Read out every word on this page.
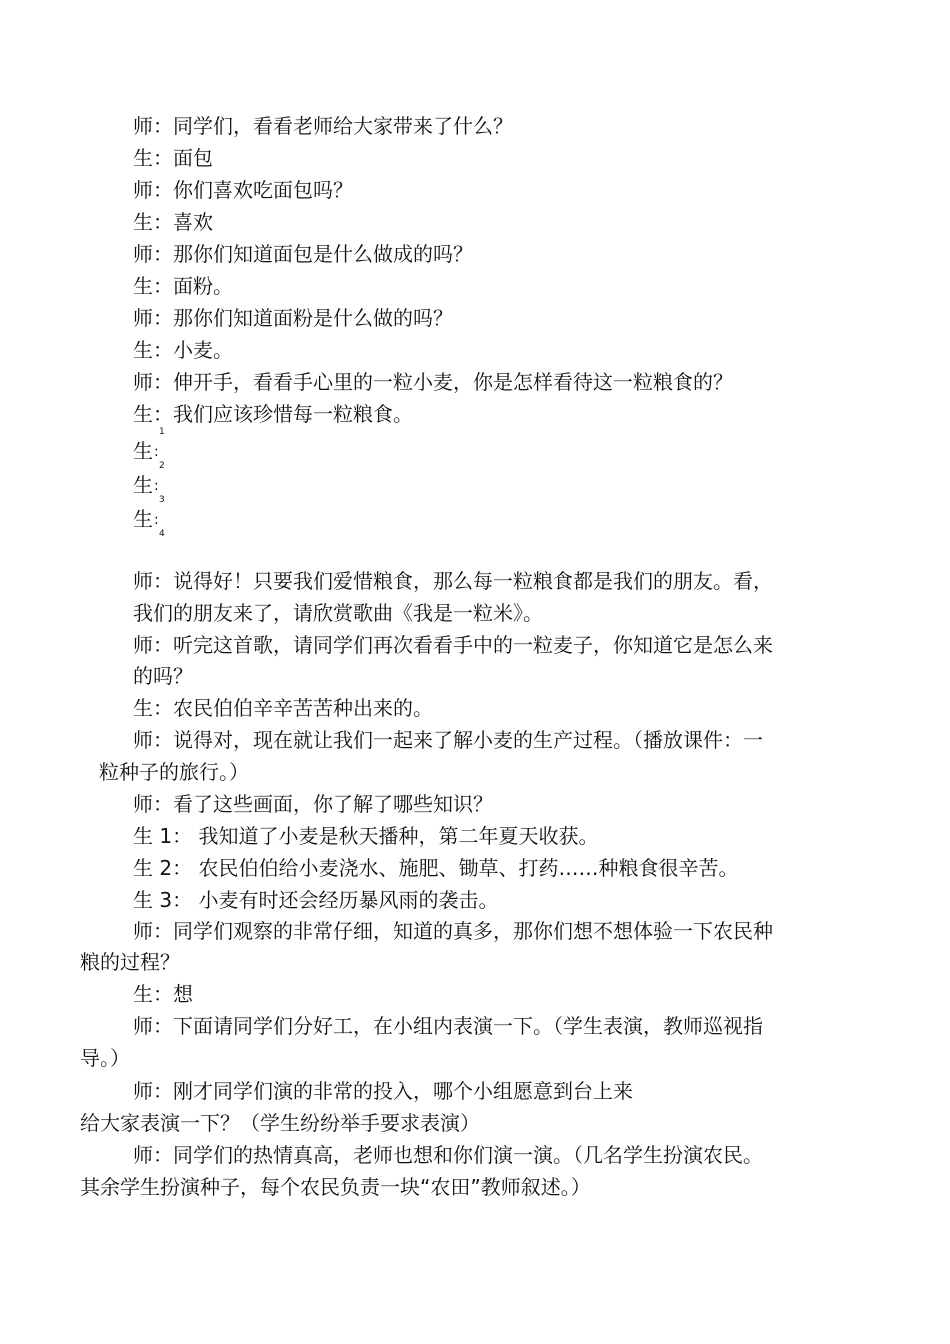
师：同学们，看看老师给大家带来了什么？
生：面包
师：你们喜欢吃面包吗？
生：喜欢
师：那你们知道面包是什么做成的吗？
生：面粉。
师：那你们知道面粉是什么做的吗？
生：小麦。
师：伸开手，看看手心里的一粒小麦，你是怎样看待这一粒粮食的？
生：我们应该珍惜每一粒粮食。
1
生 :
2
生 :
3
生 :
4
师：说得好！只要我们爱惜粮食，那么每一粒粮食都是我们的朋友。看，
我们的朋友来了，请欣赏歌曲《我是一粒米》。
师：听完这首歌，请同学们再次看看手中的一粒麦子，你知道它是怎么来
的吗？
生：农民伯伯辛辛苦苦种出来的。
师：说得对，现在就让我们一起来了解小麦的生产过程。（播放课件：一
粒种子的旅行。）
师：看了这些画面，你了解了哪些知识？
生 1： 我知道了小麦是秋天播种，第二年夏天收获。
生 2： 农民伯伯给小麦浇水、施肥、锄草、打药……种粮食很辛苦。
生 3： 小麦有时还会经历暴风雨的袭击。
师：同学们观察的非常仔细，知道的真多，那你们想不想体验一下农民种
粮的过程？
生：想
师：下面请同学们分好工，在小组内表演一下。（学生表演，教师巡视指
导。）
师：刚才同学们演的非常的投入，哪个小组愿意到台上来
给大家表演一下？（学生纷纷举手要求表演）
师：同学们的热情真高，老师也想和你们演一演。（几名学生扮演农民。
其余学生扮演种子，每个农民负责一块“农田”教师叙述。）
